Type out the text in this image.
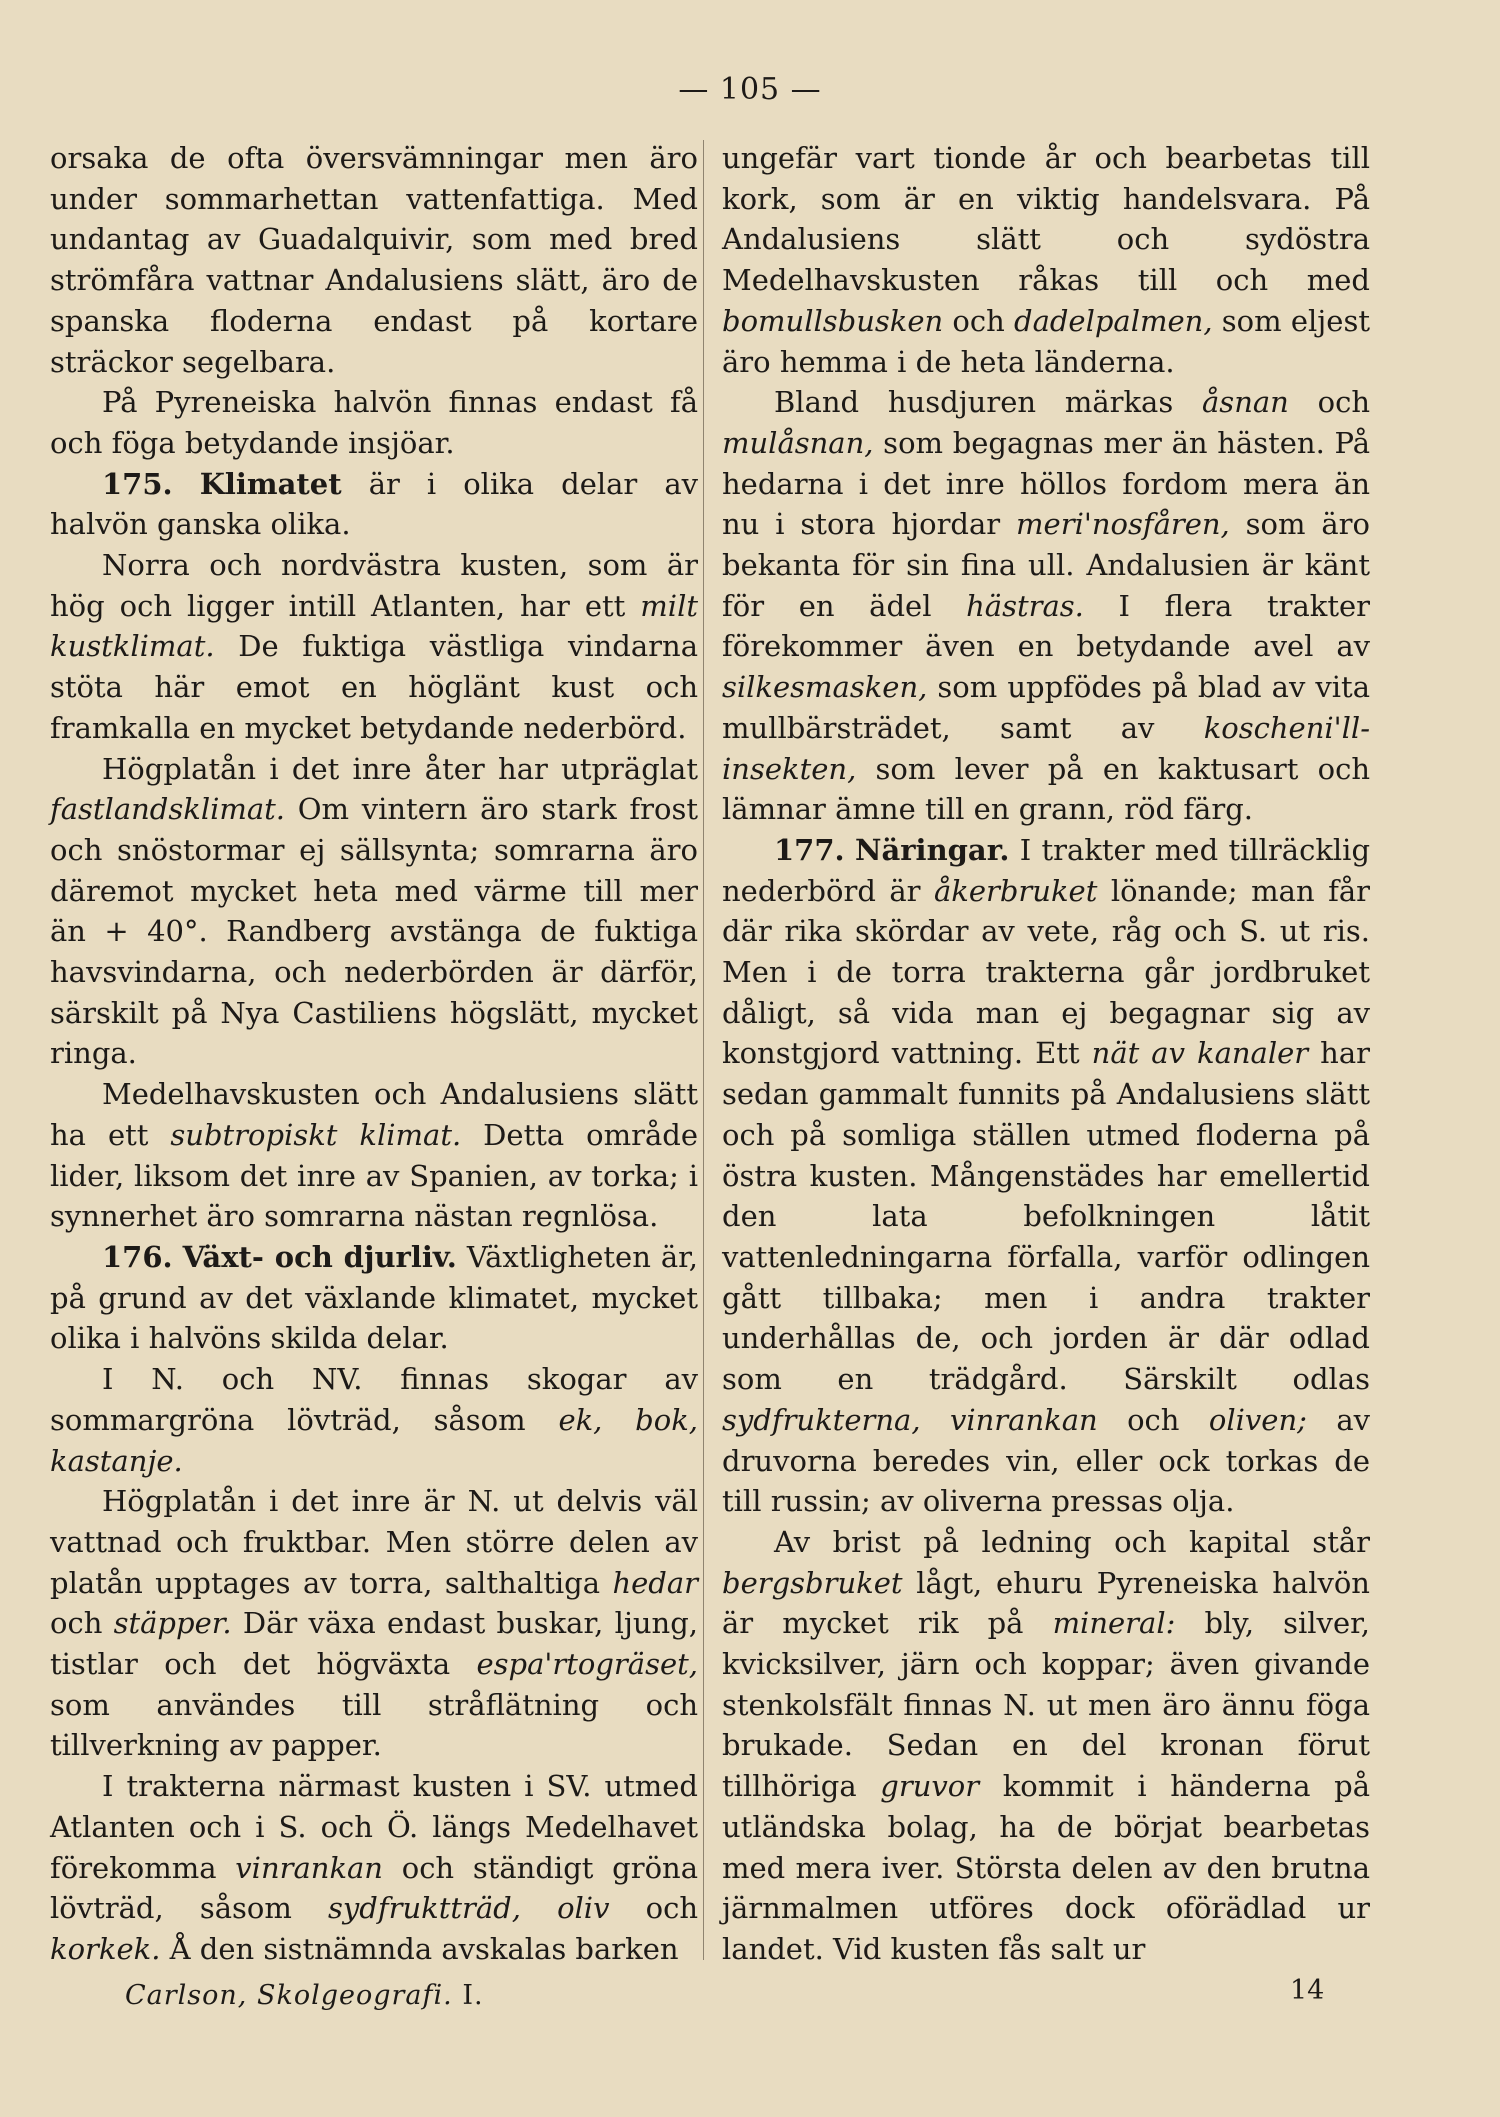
— 105 —

orsaka de ofta översvämningar men äro under sommarhettan vattenfattiga. Med undantag av Guadalquivir, som med bred strömfåra vattnar Andalusiens slätt, äro de spanska floderna endast på kortare sträckor segelbara.

På Pyreneiska halvön finnas endast få och föga betydande insjöar.

175. Klimatet är i olika delar av halvön ganska olika.

Norra och nordvästra kusten, som är hög och ligger intill Atlanten, har ett milt kustklimat. De fuktiga västliga vindarna stöta här emot en höglänt kust och framkalla en mycket betydande nederbörd.

Högplatån i det inre åter har utpräglat fastlandsklimat. Om vintern äro stark frost och snöstormar ej sällsynta; somrarna äro däremot mycket heta med värme till mer än + 40°. Randberg avstänga de fuktiga havsvindarna, och nederbörden är därför, särskilt på Nya Castiliens högslätt, mycket ringa.

Medelhavskusten och Andalusiens slätt ha ett subtropiskt klimat. Detta område lider, liksom det inre av Spanien, av torka; i synnerhet äro somrarna nästan regnlösa.

176. Växt- och djurliv. Växtligheten är, på grund av det växlande klimatet, mycket olika i halvöns skilda delar.

I N. och NV. finnas skogar av sommargröna lövträd, såsom ek, bok, kastanje.

Högplatån i det inre är N. ut delvis väl vattnad och fruktbar. Men större delen av platån upptages av torra, salthaltiga hedar och stäpper. Där växa endast buskar, ljung, tistlar och det högväxta espa'rtogräset, som användes till stråflätning och tillverkning av papper.

I trakterna närmast kusten i SV. utmed Atlanten och i S. och Ö. längs Medelhavet förekomma vinrankan och ständigt gröna lövträd, såsom sydfruktträd, oliv och korkek. Å den sistnämnda avskalas barken

ungefär vart tionde år och bearbetas till kork, som är en viktig handelsvara. På Andalusiens slätt och sydöstra Medelhavskusten råkas till och med bomullsbusken och dadelpalmen, som eljest äro hemma i de heta länderna.

Bland husdjuren märkas åsnan och mulåsnan, som begagnas mer än hästen. På hedarna i det inre höllos fordom mera än nu i stora hjordar meri'nosfåren, som äro bekanta för sin fina ull. Andalusien är känt för en ädel hästras. I flera trakter förekommer även en betydande avel av silkesmasken, som uppfödes på blad av vita mullbärsträdet, samt av koscheni'll-insekten, som lever på en kaktusart och lämnar ämne till en grann, röd färg.

177. Näringar. I trakter med tillräcklig nederbörd är åkerbruket lönande; man får där rika skördar av vete, råg och S. ut ris. Men i de torra trakterna går jordbruket dåligt, så vida man ej begagnar sig av konstgjord vattning. Ett nät av kanaler har sedan gammalt funnits på Andalusiens slätt och på somliga ställen utmed floderna på östra kusten. Mångenstädes har emellertid den lata befolkningen låtit vattenledningarna förfalla, varför odlingen gått tillbaka; men i andra trakter underhållas de, och jorden är där odlad som en trädgård. Särskilt odlas sydfrukterna, vinrankan och oliven; av druvorna beredes vin, eller ock torkas de till russin; av oliverna pressas olja.

Av brist på ledning och kapital står bergsbruket lågt, ehuru Pyreneiska halvön är mycket rik på mineral: bly, silver, kvicksilver, järn och koppar; även givande stenkolsfält finnas N. ut men äro ännu föga brukade. Sedan en del kronan förut tillhöriga gruvor kommit i händerna på utländska bolag, ha de börjat bearbetas med mera iver. Största delen av den brutna järnmalmen utföres dock oförädlad ur landet. Vid kusten fås salt ur

Carlson, Skolgeografi. I.	14
